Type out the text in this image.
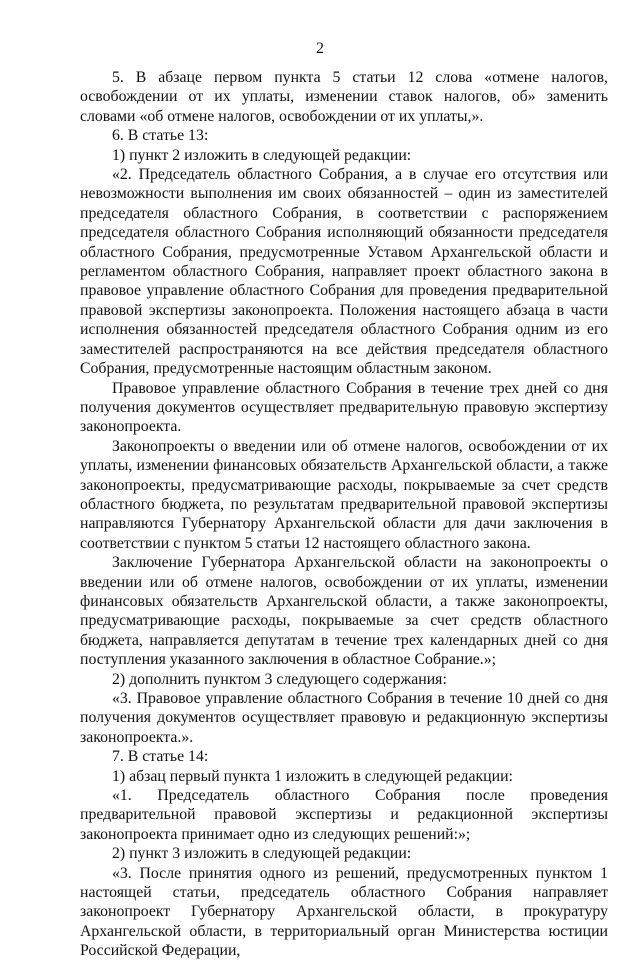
2

5. В абзаце первом пункта 5 статьи 12 слова «отмене налогов, освобождении от их уплаты, изменении ставок налогов, об» заменить словами «об отмене налогов, освобождении от их уплаты,».

6. В статье 13:

1) пункт 2 изложить в следующей редакции:

«2. Председатель областного Собрания, а в случае его отсутствия или невозможности выполнения им своих обязанностей – один из заместителей председателя областного Собрания, в соответствии с распоряжением председателя областного Собрания исполняющий обязанности председателя областного Собрания, предусмотренные Уставом Архангельской области и регламентом областного Собрания, направляет проект областного закона в правовое управление областного Собрания для проведения предварительной правовой экспертизы законопроекта. Положения настоящего абзаца в части исполнения обязанностей председателя областного Собрания одним из его заместителей распространяются на все действия председателя областного Собрания, предусмотренные настоящим областным законом.

Правовое управление областного Собрания в течение трех дней со дня получения документов осуществляет предварительную правовую экспертизу законопроекта.

Законопроекты о введении или об отмене налогов, освобождении от их уплаты, изменении финансовых обязательств Архангельской области, а также законопроекты, предусматривающие расходы, покрываемые за счет средств областного бюджета, по результатам предварительной правовой экспертизы направляются Губернатору Архангельской области для дачи заключения в соответствии с пунктом 5 статьи 12 настоящего областного закона.

Заключение Губернатора Архангельской области на законопроекты о введении или об отмене налогов, освобождении от их уплаты, изменении финансовых обязательств Архангельской области, а также законопроекты, предусматривающие расходы, покрываемые за счет средств областного бюджета, направляется депутатам в течение трех календарных дней со дня поступления указанного заключения в областное Собрание.»;

2) дополнить пунктом 3 следующего содержания:

«3. Правовое управление областного Собрания в течение 10 дней со дня получения документов осуществляет правовую и редакционную экспертизы законопроекта.».

7. В статье 14:

1) абзац первый пункта 1 изложить в следующей редакции:

«1. Председатель областного Собрания после проведения предварительной правовой экспертизы и редакционной экспертизы законопроекта принимает одно из следующих решений:»;

2) пункт 3 изложить в следующей редакции:

«3. После принятия одного из решений, предусмотренных пунктом 1 настоящей статьи, председатель областного Собрания направляет законопроект Губернатору Архангельской области, в прокуратуру Архангельской области, в территориальный орган Министерства юстиции Российской Федерации,
